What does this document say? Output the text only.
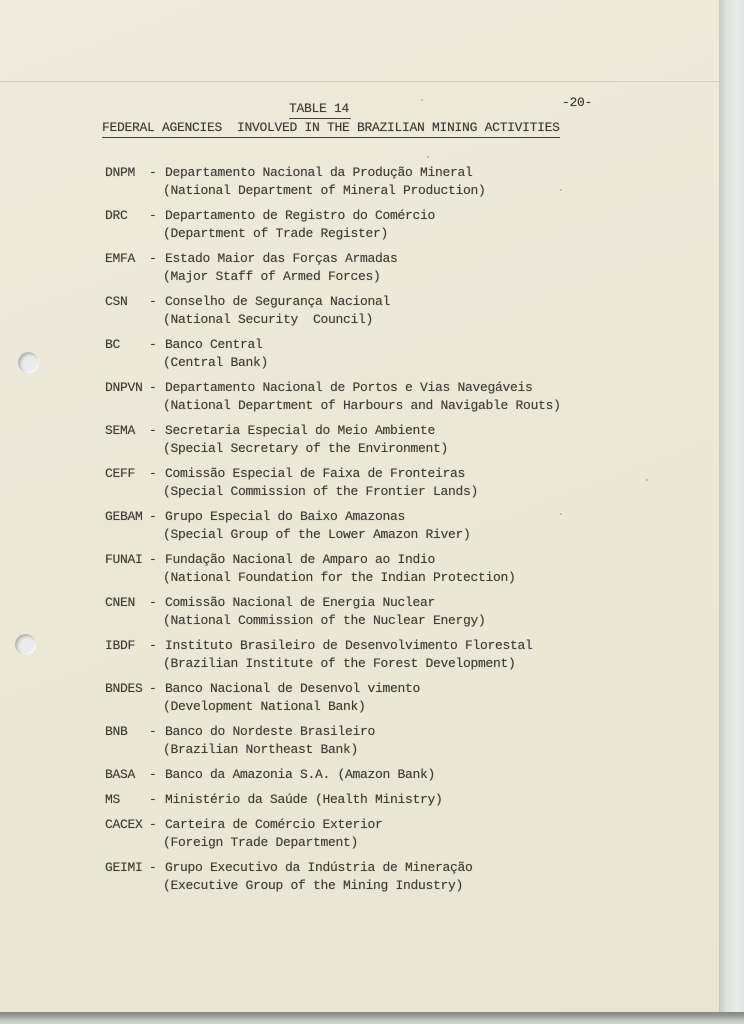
-20-
TABLE 14
FEDERAL AGENCIES  INVOLVED IN THE BRAZILIAN MINING ACTIVITIES
DNPM	- Departamento Nacional da Produção Mineral
(National Department of Mineral Production)
DRC	- Departamento de Registro do Comércio
(Department of Trade Register)
EMFA	- Estado Maior das Forças Armadas
(Major Staff of Armed Forces)
CSN	- Conselho de Segurança Nacional
(National Security  Council)
BC	- Banco Central
(Central Bank)
DNPVN - Departamento Nacional de Portos e Vias Navegáveis
(National Department of Harbours and Navigable Routs)
SEMA	- Secretaria Especial do Meio Ambiente
(Special Secretary of the Environment)
CEFF	- Comissão Especial de Faixa de Fronteiras
(Special Commission of the Frontier Lands)
GEBAM - Grupo Especial do Baixo Amazonas
(Special Group of the Lower Amazon River)
FUNAI - Fundação Nacional de Amparo ao Indio
(National Foundation for the Indian Protection)
CNEN	- Comissão Nacional de Energia Nuclear
(National Commission of the Nuclear Energy)
IBDF	- Instituto Brasileiro de Desenvolvimento Florestal
(Brazilian Institute of the Forest Development)
BNDES - Banco Nacional de Desenvol vimento
(Development National Bank)
BNB	- Banco do Nordeste Brasileiro
(Brazilian Northeast Bank)
BASA	- Banco da Amazonia S.A. (Amazon Bank)
MS	- Ministério da Saúde (Health Ministry)
CACEX - Carteira de Comércio Exterior
(Foreign Trade Department)
GEIMI - Grupo Executivo da Indústria de Mineração
(Executive Group of the Mining Industry)
